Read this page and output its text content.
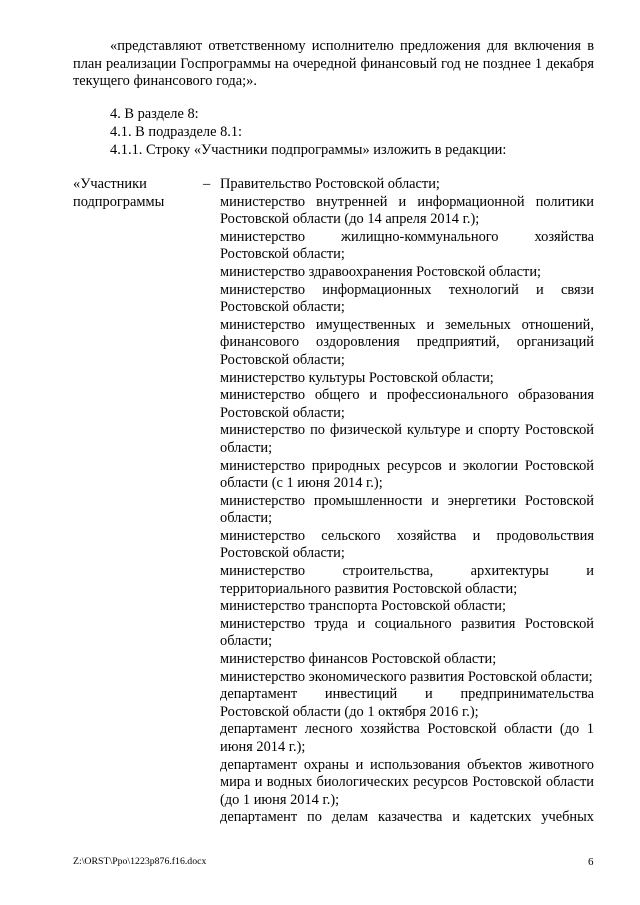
«представляют ответственному исполнителю предложения для включения в план реализации Госпрограммы на очередной финансовый год не позднее 1 декабря текущего финансового года;».
4. В разделе 8:
4.1. В подразделе 8.1:
4.1.1. Строку «Участники подпрограммы» изложить в редакции:
«Участники подпрограммы
– Правительство Ростовской области;
министерство внутренней и информационной политики Ростовской области (до 14 апреля 2014 г.);
министерство жилищно-коммунального хозяйства Ростовской области;
министерство здравоохранения Ростовской области;
министерство информационных технологий и связи Ростовской области;
министерство имущественных и земельных отношений, финансового оздоровления предприятий, организаций Ростовской области;
министерство культуры Ростовской области;
министерство общего и профессионального образования Ростовской области;
министерство по физической культуре и спорту Ростовской области;
министерство природных ресурсов и экологии Ростовской области (с 1 июня 2014 г.);
министерство промышленности и энергетики Ростовской области;
министерство сельского хозяйства и продовольствия Ростовской области;
министерство строительства, архитектуры и территориального развития Ростовской области;
министерство транспорта Ростовской области;
министерство труда и социального развития Ростовской области;
министерство финансов Ростовской области;
министерство экономического развития Ростовской области;
департамент инвестиций и предпринимательства Ростовской области (до 1 октября 2016 г.);
департамент лесного хозяйства Ростовской области (до 1 июня 2014 г.);
департамент охраны и использования объектов животного мира и водных биологических ресурсов Ростовской области (до 1 июня 2014 г.);
департамент по делам казачества и кадетских учебных
Z:\ORST\Ppo\1223p876.f16.docx	6
